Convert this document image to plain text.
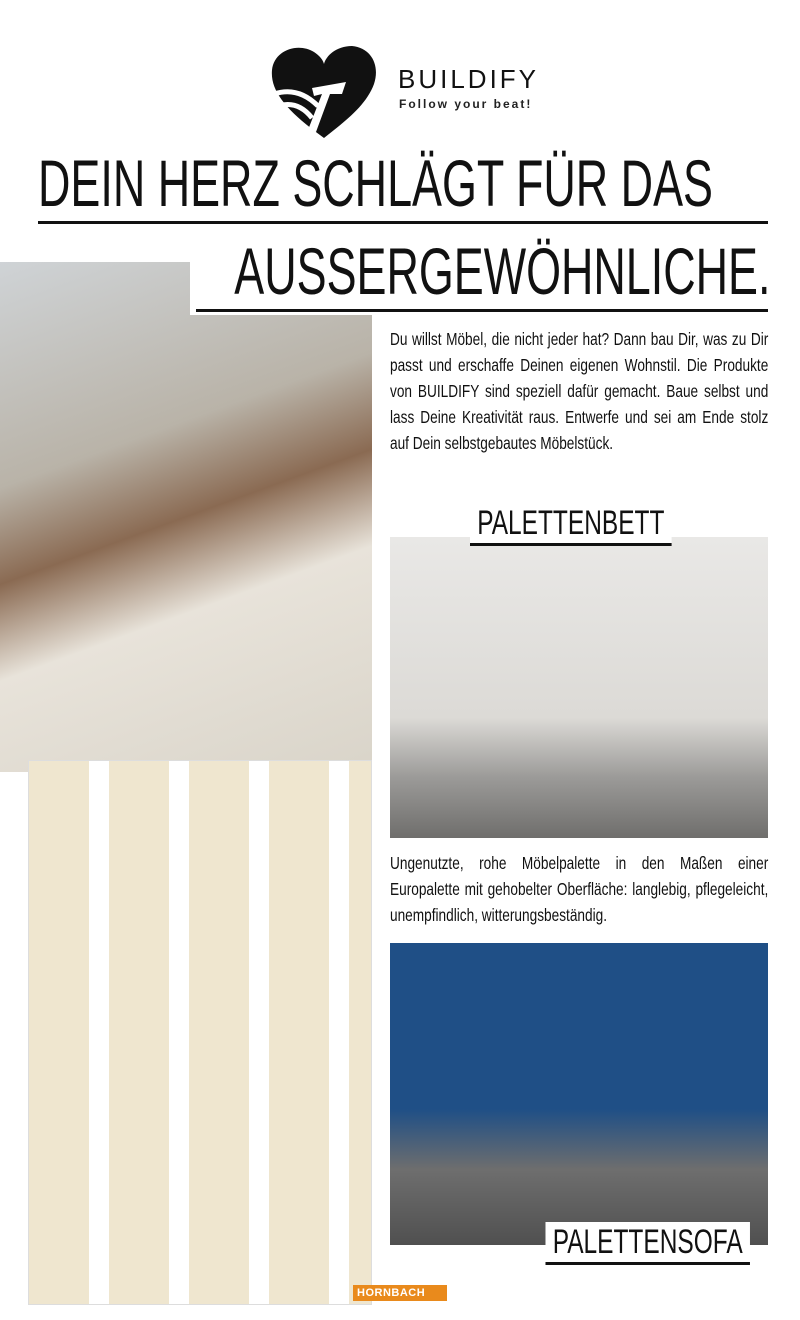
BUILDIFY
Follow your beat!
DEIN HERZ SCHLÄGT FÜR DAS
AUSSERGEWÖHNLICHE.
Du willst Möbel, die nicht jeder hat? Dann bau Dir, was zu Dir passt und erschaffe Deinen eigenen Wohnstil. Die Produkte von BUILDIFY sind speziell dafür gemacht. Baue selbst und lass Deine Kreativität raus. Entwerfe und sei am Ende stolz auf Dein selbstgebautes Möbelstück.
PALETTENBETT
Ungenutzte, rohe Möbelpalette in den Maßen einer Europalette mit gehobelter Oberfläche: langlebig, pflegeleicht, unempfindlich, witterungsbeständig.
PALETTENSOFA
HORNBACH
